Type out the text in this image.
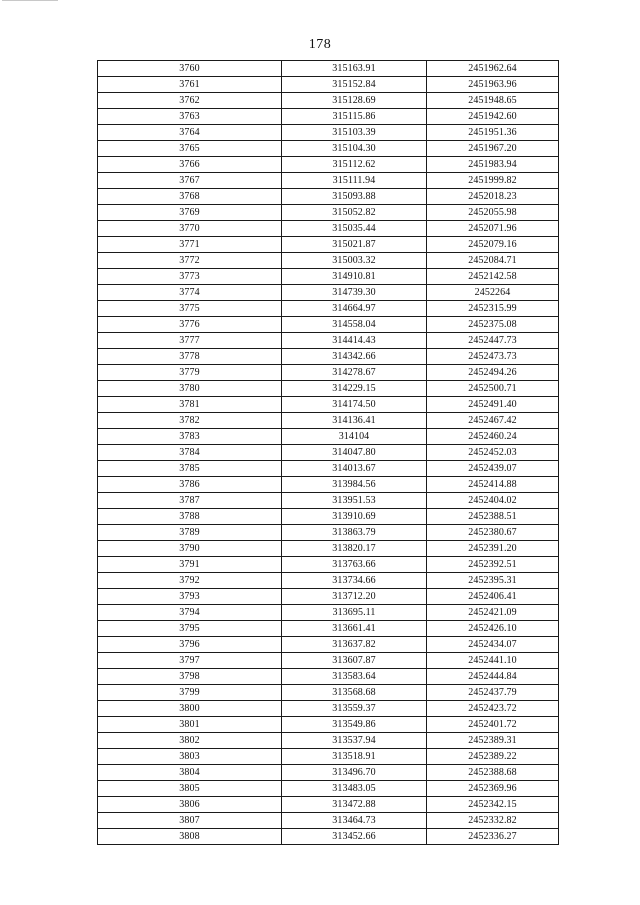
178
3760	315163.91	2451962.64
3761	315152.84	2451963.96
3762	315128.69	2451948.65
3763	315115.86	2451942.60
3764	315103.39	2451951.36
3765	315104.30	2451967.20
3766	315112.62	2451983.94
3767	315111.94	2451999.82
3768	315093.88	2452018.23
3769	315052.82	2452055.98
3770	315035.44	2452071.96
3771	315021.87	2452079.16
3772	315003.32	2452084.71
3773	314910.81	2452142.58
3774	314739.30	2452264
3775	314664.97	2452315.99
3776	314558.04	2452375.08
3777	314414.43	2452447.73
3778	314342.66	2452473.73
3779	314278.67	2452494.26
3780	314229.15	2452500.71
3781	314174.50	2452491.40
3782	314136.41	2452467.42
3783	314104	2452460.24
3784	314047.80	2452452.03
3785	314013.67	2452439.07
3786	313984.56	2452414.88
3787	313951.53	2452404.02
3788	313910.69	2452388.51
3789	313863.79	2452380.67
3790	313820.17	2452391.20
3791	313763.66	2452392.51
3792	313734.66	2452395.31
3793	313712.20	2452406.41
3794	313695.11	2452421.09
3795	313661.41	2452426.10
3796	313637.82	2452434.07
3797	313607.87	2452441.10
3798	313583.64	2452444.84
3799	313568.68	2452437.79
3800	313559.37	2452423.72
3801	313549.86	2452401.72
3802	313537.94	2452389.31
3803	313518.91	2452389.22
3804	313496.70	2452388.68
3805	313483.05	2452369.96
3806	313472.88	2452342.15
3807	313464.73	2452332.82
3808	313452.66	2452336.27
